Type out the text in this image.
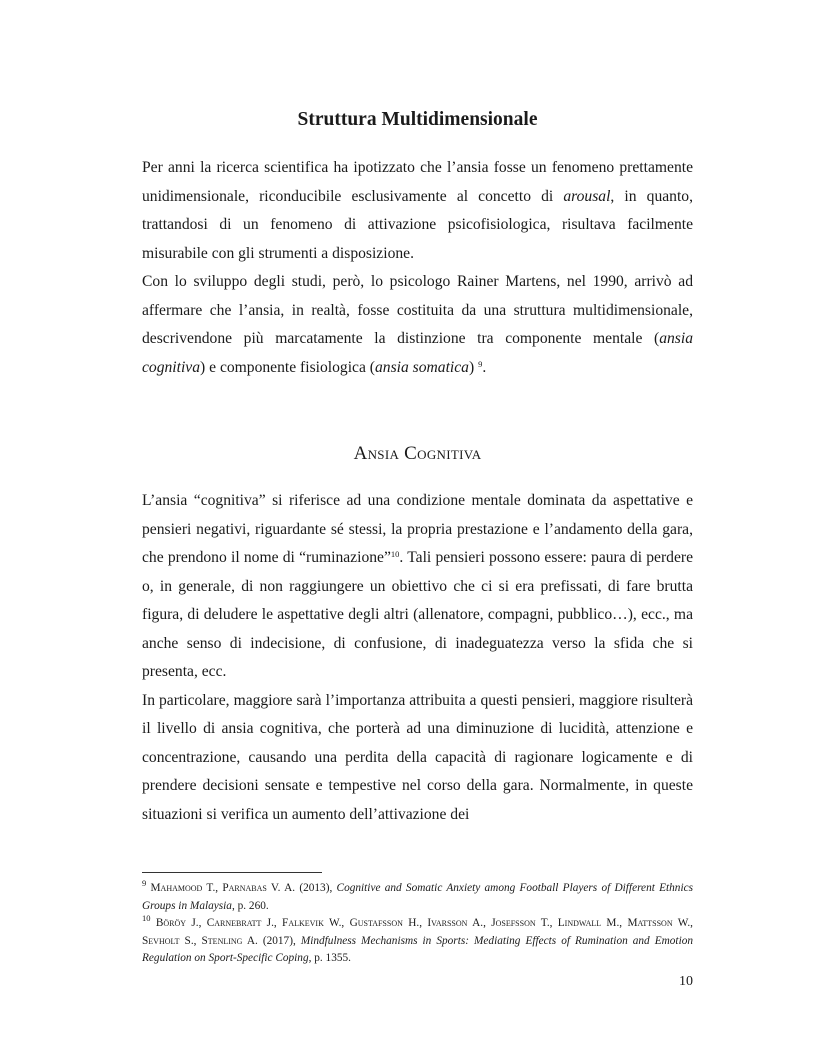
Struttura Multidimensionale

Per anni la ricerca scientifica ha ipotizzato che l’ansia fosse un fenomeno prettamente unidimensionale, riconducibile esclusivamente al concetto di arousal, in quanto, trattandosi di un fenomeno di attivazione psicofisiologica, risultava facilmente misurabile con gli strumenti a disposizione.

Con lo sviluppo degli studi, però, lo psicologo Rainer Martens, nel 1990, arrivò ad affermare che l’ansia, in realtà, fosse costituita da una struttura multidimensionale, descrivendone più marcatamente la distinzione tra componente mentale (ansia cognitiva) e componente fisiologica (ansia somatica) $^9$.

Ansia Cognitiva

L’ansia “cognitiva” si riferisce ad una condizione mentale dominata da aspettative e pensieri negativi, riguardante sé stessi, la propria prestazione e l’andamento della gara, che prendono il nome di “ruminazione”$^{10}$. Tali pensieri possono essere: paura di perdere o, in generale, di non raggiungere un obiettivo che ci si era prefissati, di fare brutta figura, di deludere le aspettative degli altri (allenatore, compagni, pubblico…), ecc., ma anche senso di indecisione, di confusione, di inadeguatezza verso la sfida che si presenta, ecc.

In particolare, maggiore sarà l’importanza attribuita a questi pensieri, maggiore risulterà il livello di ansia cognitiva, che porterà ad una diminuzione di lucidità, attenzione e concentrazione, causando una perdita della capacità di ragionare logicamente e di prendere decisioni sensate e tempestive nel corso della gara. Normalmente, in queste situazioni si verifica un aumento dell’attivazione dei

$^9$ Mahamood T., Parnabas V. A. (2013), Cognitive and Somatic Anxiety among Football Players of Different Ethnics Groups in Malaysia, p. 260.

$^{10}$ Böröy J., Carnebratt J., Falkevik W., Gustafsson H., Ivarsson A., Josefsson T., Lindwall M., Mattsson W., Sevholt S., Stenling A. (2017), Mindfulness Mechanisms in Sports: Mediating Effects of Rumination and Emotion Regulation on Sport-Specific Coping, p. 1355.

10
